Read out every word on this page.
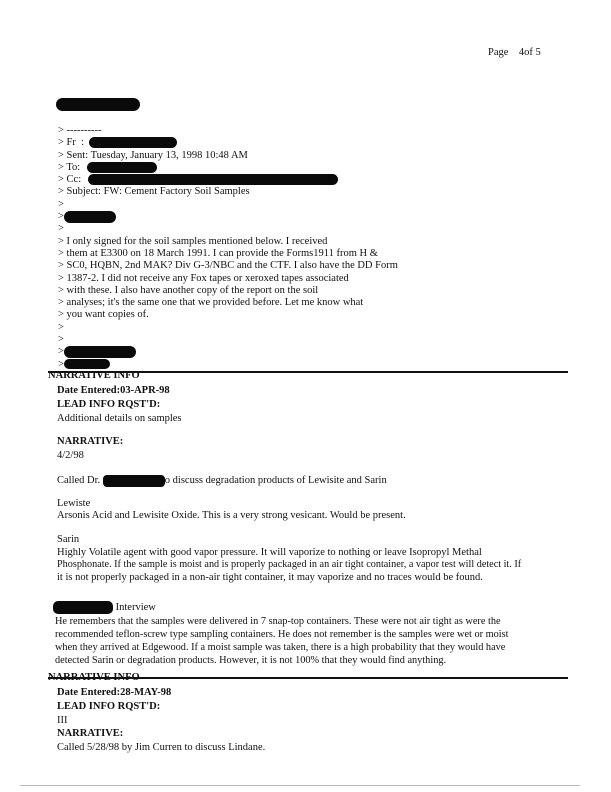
Page 4of 5
> ----------
> Fr  :
> Sent: Tuesday, January 13, 1998 10:48 AM
> To:
> Cc:
> Subject: FW: Cement Factory Soil Samples
>
>
>
> I only signed for the soil samples mentioned below. I received
> them at E3300 on 18 March 1991. I can provide the Forms1911 from H &
> SC0, HQBN, 2nd MAK? Div G-3/NBC and the CTF. I also have the DD Form
> 1387-2. I did not receive any Fox tapes or xeroxed tapes associated
> with these. I also have another copy of the report on the soil
> analyses; it's the same one that we provided before. Let me know what
> you want copies of.
>
>
>
>
NARRATIVE INFO
Date Entered:03-APR-98
LEAD INFO RQST'D:
Additional details on samples
NARRATIVE:
4/2/98
Called Dr.	o discuss degradation products of Lewisite and Sarin
Lewiste
Arsonis Acid and Lewisite Oxide. This is a very strong vesicant. Would be present.
Sarin
Highly Volatile agent with good vapor pressure. It will vaporize to nothing or leave Isopropyl Methal
Phosphonate. If the sample is moist and is properly packaged in an air tight container, a vapor test will detect it. If
it is not properly packaged in a non-air tight container, it may vaporize and no traces would be found.
Interview
He remembers that the samples were delivered in 7 snap-top containers. These were not air tight as were the
recommended teflon-screw type sampling containers. He does not remember is the samples were wet or moist
when they arrived at Edgewood. If a moist sample was taken, there is a high probability that they would have
detected Sarin or degradation products. However, it is not 100% that they would find anything.
NARRATIVE INFO
Date Entered:28-MAY-98
LEAD INFO RQST'D:
III
NARRATIVE:
Called 5/28/98 by Jim Curren to discuss Lindane.
